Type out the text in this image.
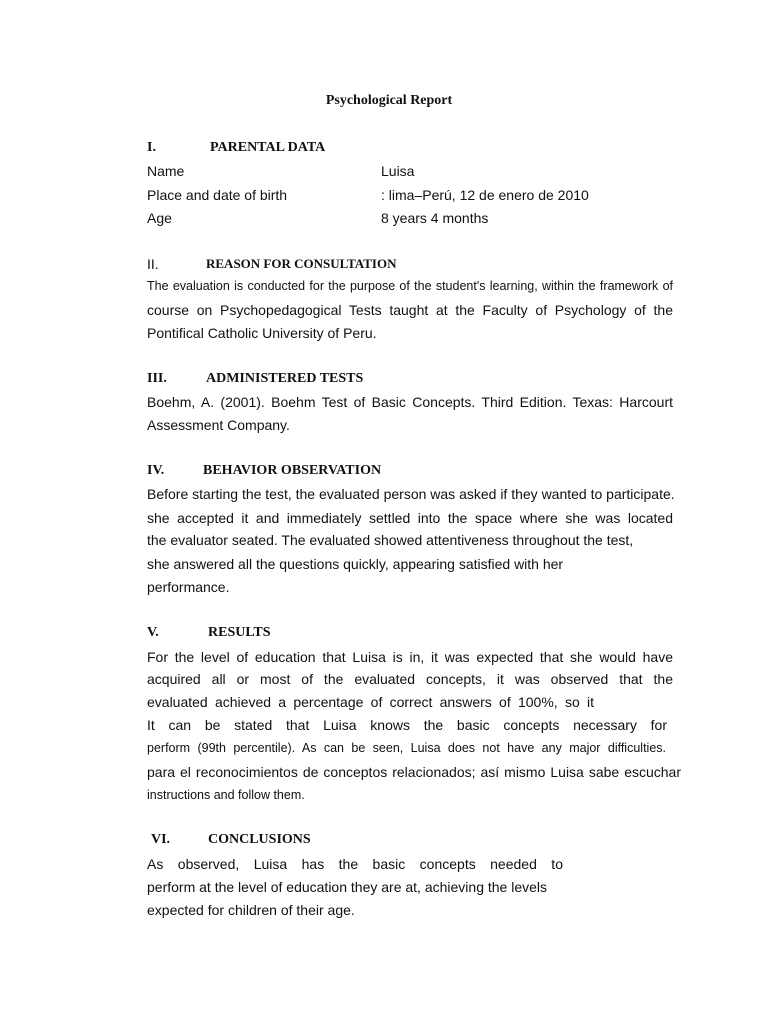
Psychological Report
I.	PARENTAL DATA
Name	Luisa
Place and date of birth	: lima–Perú, 12 de enero de 2010
Age	8 years 4 months
II.	REASON FOR CONSULTATION
The evaluation is conducted for the purpose of the student's learning, within the framework of
course on Psychopedagogical Tests taught at the Faculty of Psychology of the
Pontifical Catholic University of Peru.
III.	ADMINISTERED TESTS
Boehm, A. (2001). Boehm Test of Basic Concepts. Third Edition. Texas: Harcourt
Assessment Company.
IV.	BEHAVIOR OBSERVATION
Before starting the test, the evaluated person was asked if they wanted to participate.
she accepted it and immediately settled into the space where she was located
the evaluator seated. The evaluated showed attentiveness throughout the test,
she answered all the questions quickly, appearing satisfied with her
performance.
V.	RESULTS
For the level of education that Luisa is in, it was expected that she would have
acquired all or most of the evaluated concepts, it was observed that the
evaluated achieved a percentage of correct answers of 100%, so it
It can be stated that Luisa knows the basic concepts necessary for
perform (99th percentile). As can be seen, Luisa does not have any major difficulties.
para el reconocimientos de conceptos relacionados; así mismo Luisa sabe escuchar
instructions and follow them.
VI.	CONCLUSIONS
As observed, Luisa has the basic concepts needed to
perform at the level of education they are at, achieving the levels
expected for children of their age.
